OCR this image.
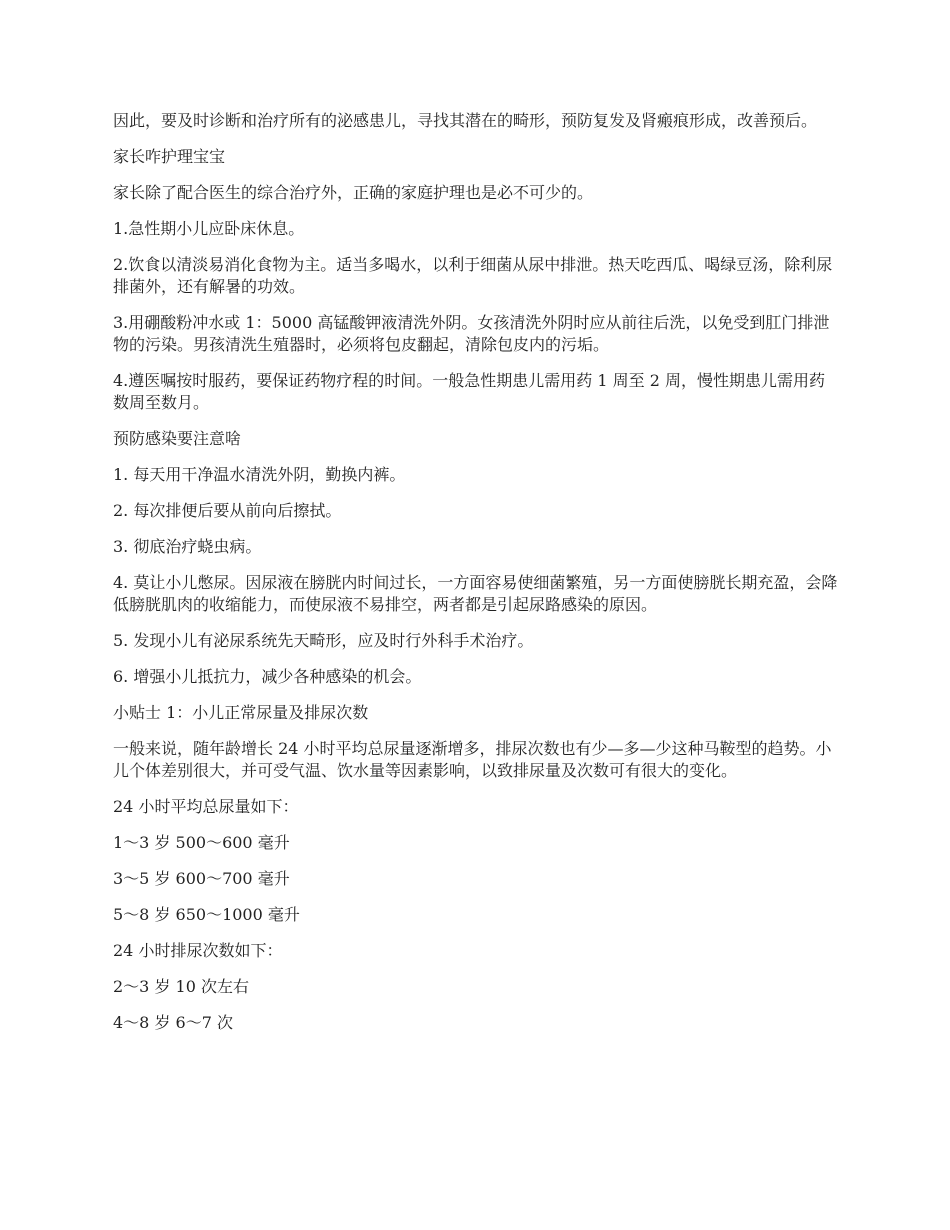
因此，要及时诊断和治疗所有的泌感患儿，寻找其潜在的畸形，预防复发及肾瘢痕形成，改善预后。

家长咋护理宝宝

家长除了配合医生的综合治疗外，正确的家庭护理也是必不可少的。

1.急性期小儿应卧床休息。

2.饮食以清淡易消化食物为主。适当多喝水，以利于细菌从尿中排泄。热天吃西瓜、喝绿豆汤，除利尿排菌外，还有解暑的功效。

3.用硼酸粉冲水或 1：5000 高锰酸钾液清洗外阴。女孩清洗外阴时应从前往后洗，以免受到肛门排泄物的污染。男孩清洗生殖器时，必须将包皮翻起，清除包皮内的污垢。

4.遵医嘱按时服药，要保证药物疗程的时间。一般急性期患儿需用药 1 周至 2 周，慢性期患儿需用药数周至数月。

预防感染要注意啥

1. 每天用干净温水清洗外阴，勤换内裤。

2. 每次排便后要从前向后擦拭。

3. 彻底治疗蛲虫病。

4. 莫让小儿憋尿。因尿液在膀胱内时间过长，一方面容易使细菌繁殖，另一方面使膀胱长期充盈，会降低膀胱肌肉的收缩能力，而使尿液不易排空，两者都是引起尿路感染的原因。

5. 发现小儿有泌尿系统先天畸形，应及时行外科手术治疗。

6. 增强小儿抵抗力，减少各种感染的机会。

小贴士 1：小儿正常尿量及排尿次数

一般来说，随年龄增长 24 小时平均总尿量逐渐增多，排尿次数也有少—多—少这种马鞍型的趋势。小儿个体差别很大，并可受气温、饮水量等因素影响，以致排尿量及次数可有很大的变化。

24 小时平均总尿量如下：

1～3 岁 500～600 毫升

3～5 岁 600～700 毫升

5～8 岁 650～1000 毫升

24 小时排尿次数如下：

2～3 岁 10 次左右

4～8 岁 6～7 次
